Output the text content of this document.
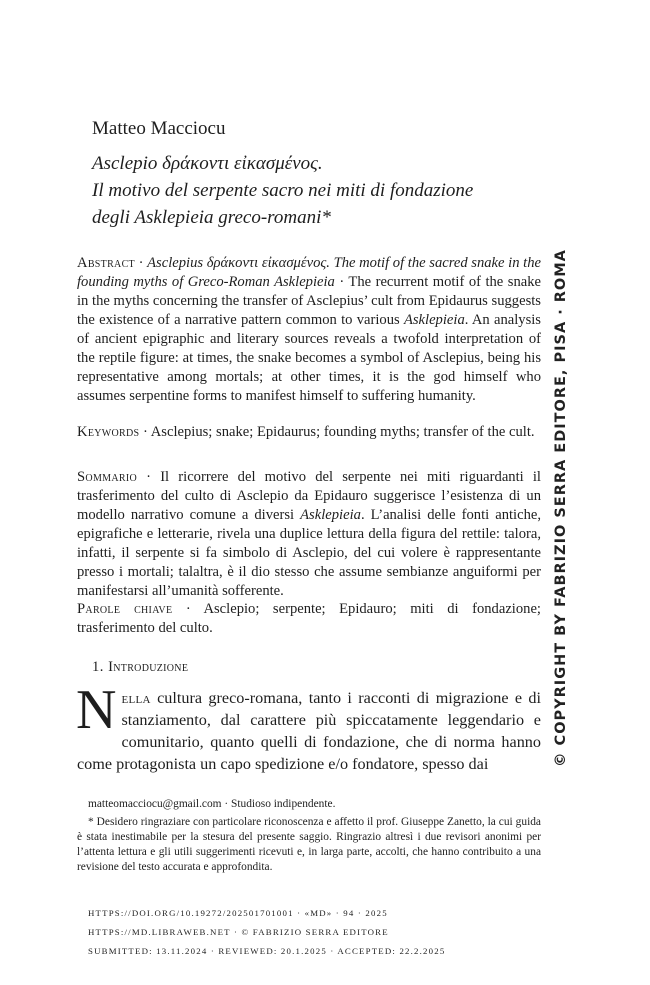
Matteo Macciocu
Asclepio δράκοντι εἰκασμένος.
Il motivo del serpente sacro nei miti di fondazione
degli Asklepieia greco-romani*
Abstract · Asclepius δράκοντι εἰκασμένος. The motif of the sacred snake in the founding myths of Greco-Roman Asklepieia · The recurrent motif of the snake in the myths concerning the transfer of Asclepius’ cult from Epidaurus suggests the existence of a narrative pattern common to various Asklepieia. An analysis of ancient epigraphic and literary sources reveals a twofold interpretation of the reptile figure: at times, the snake becomes a symbol of Asclepius, being his representative among mortals; at other times, it is the god himself who assumes serpentine forms to manifest himself to suffering humanity.
Keywords · Asclepius; snake; Epidaurus; founding myths; transfer of the cult.
Sommario · Il ricorrere del motivo del serpente nei miti riguardanti il trasferimento del culto di Asclepio da Epidauro suggerisce l’esistenza di un modello narrativo comune a diversi Asklepieia. L’analisi delle fonti antiche, epigrafiche e letterarie, rivela una duplice lettura della figura del rettile: talora, infatti, il serpente si fa simbolo di Asclepio, del cui volere è rappresentante presso i mortali; talaltra, è il dio stesso che assume sembianze anguiformi per manifestarsi all’umanità sofferente.
Parole chiave · Asclepio; serpente; Epidauro; miti di fondazione; trasferimento del culto.
1. Introduzione
Nella cultura greco-romana, tanto i racconti di migrazione e di stanziamento, dal carattere più spiccatamente leggendario e comunitario, quanto quelli di fondazione, che di norma hanno come protagonista un capo spedizione e/o fondatore, spesso dai
matteomacciocu@gmail.com · Studioso indipendente.
* Desidero ringraziare con particolare riconoscenza e affetto il prof. Giuseppe Zanetto, la cui guida è stata inestimabile per la stesura del presente saggio. Ringrazio altresì i due revisori anonimi per l’attenta lettura e gli utili suggerimenti ricevuti e, in larga parte, accolti, che hanno contribuito a una revisione del testo accurata e approfondita.
HTTPS://DOI.ORG/10.19272/202501701001 · «MD» · 94 · 2025
HTTPS://MD.LIBRAWEB.NET · © FABRIZIO SERRA EDITORE
SUBMITTED: 13.11.2024 · REVIEWED: 20.1.2025 · ACCEPTED: 22.2.2025
© COPYRIGHT BY FABRIZIO SERRA EDITORE, PISA · ROMA
